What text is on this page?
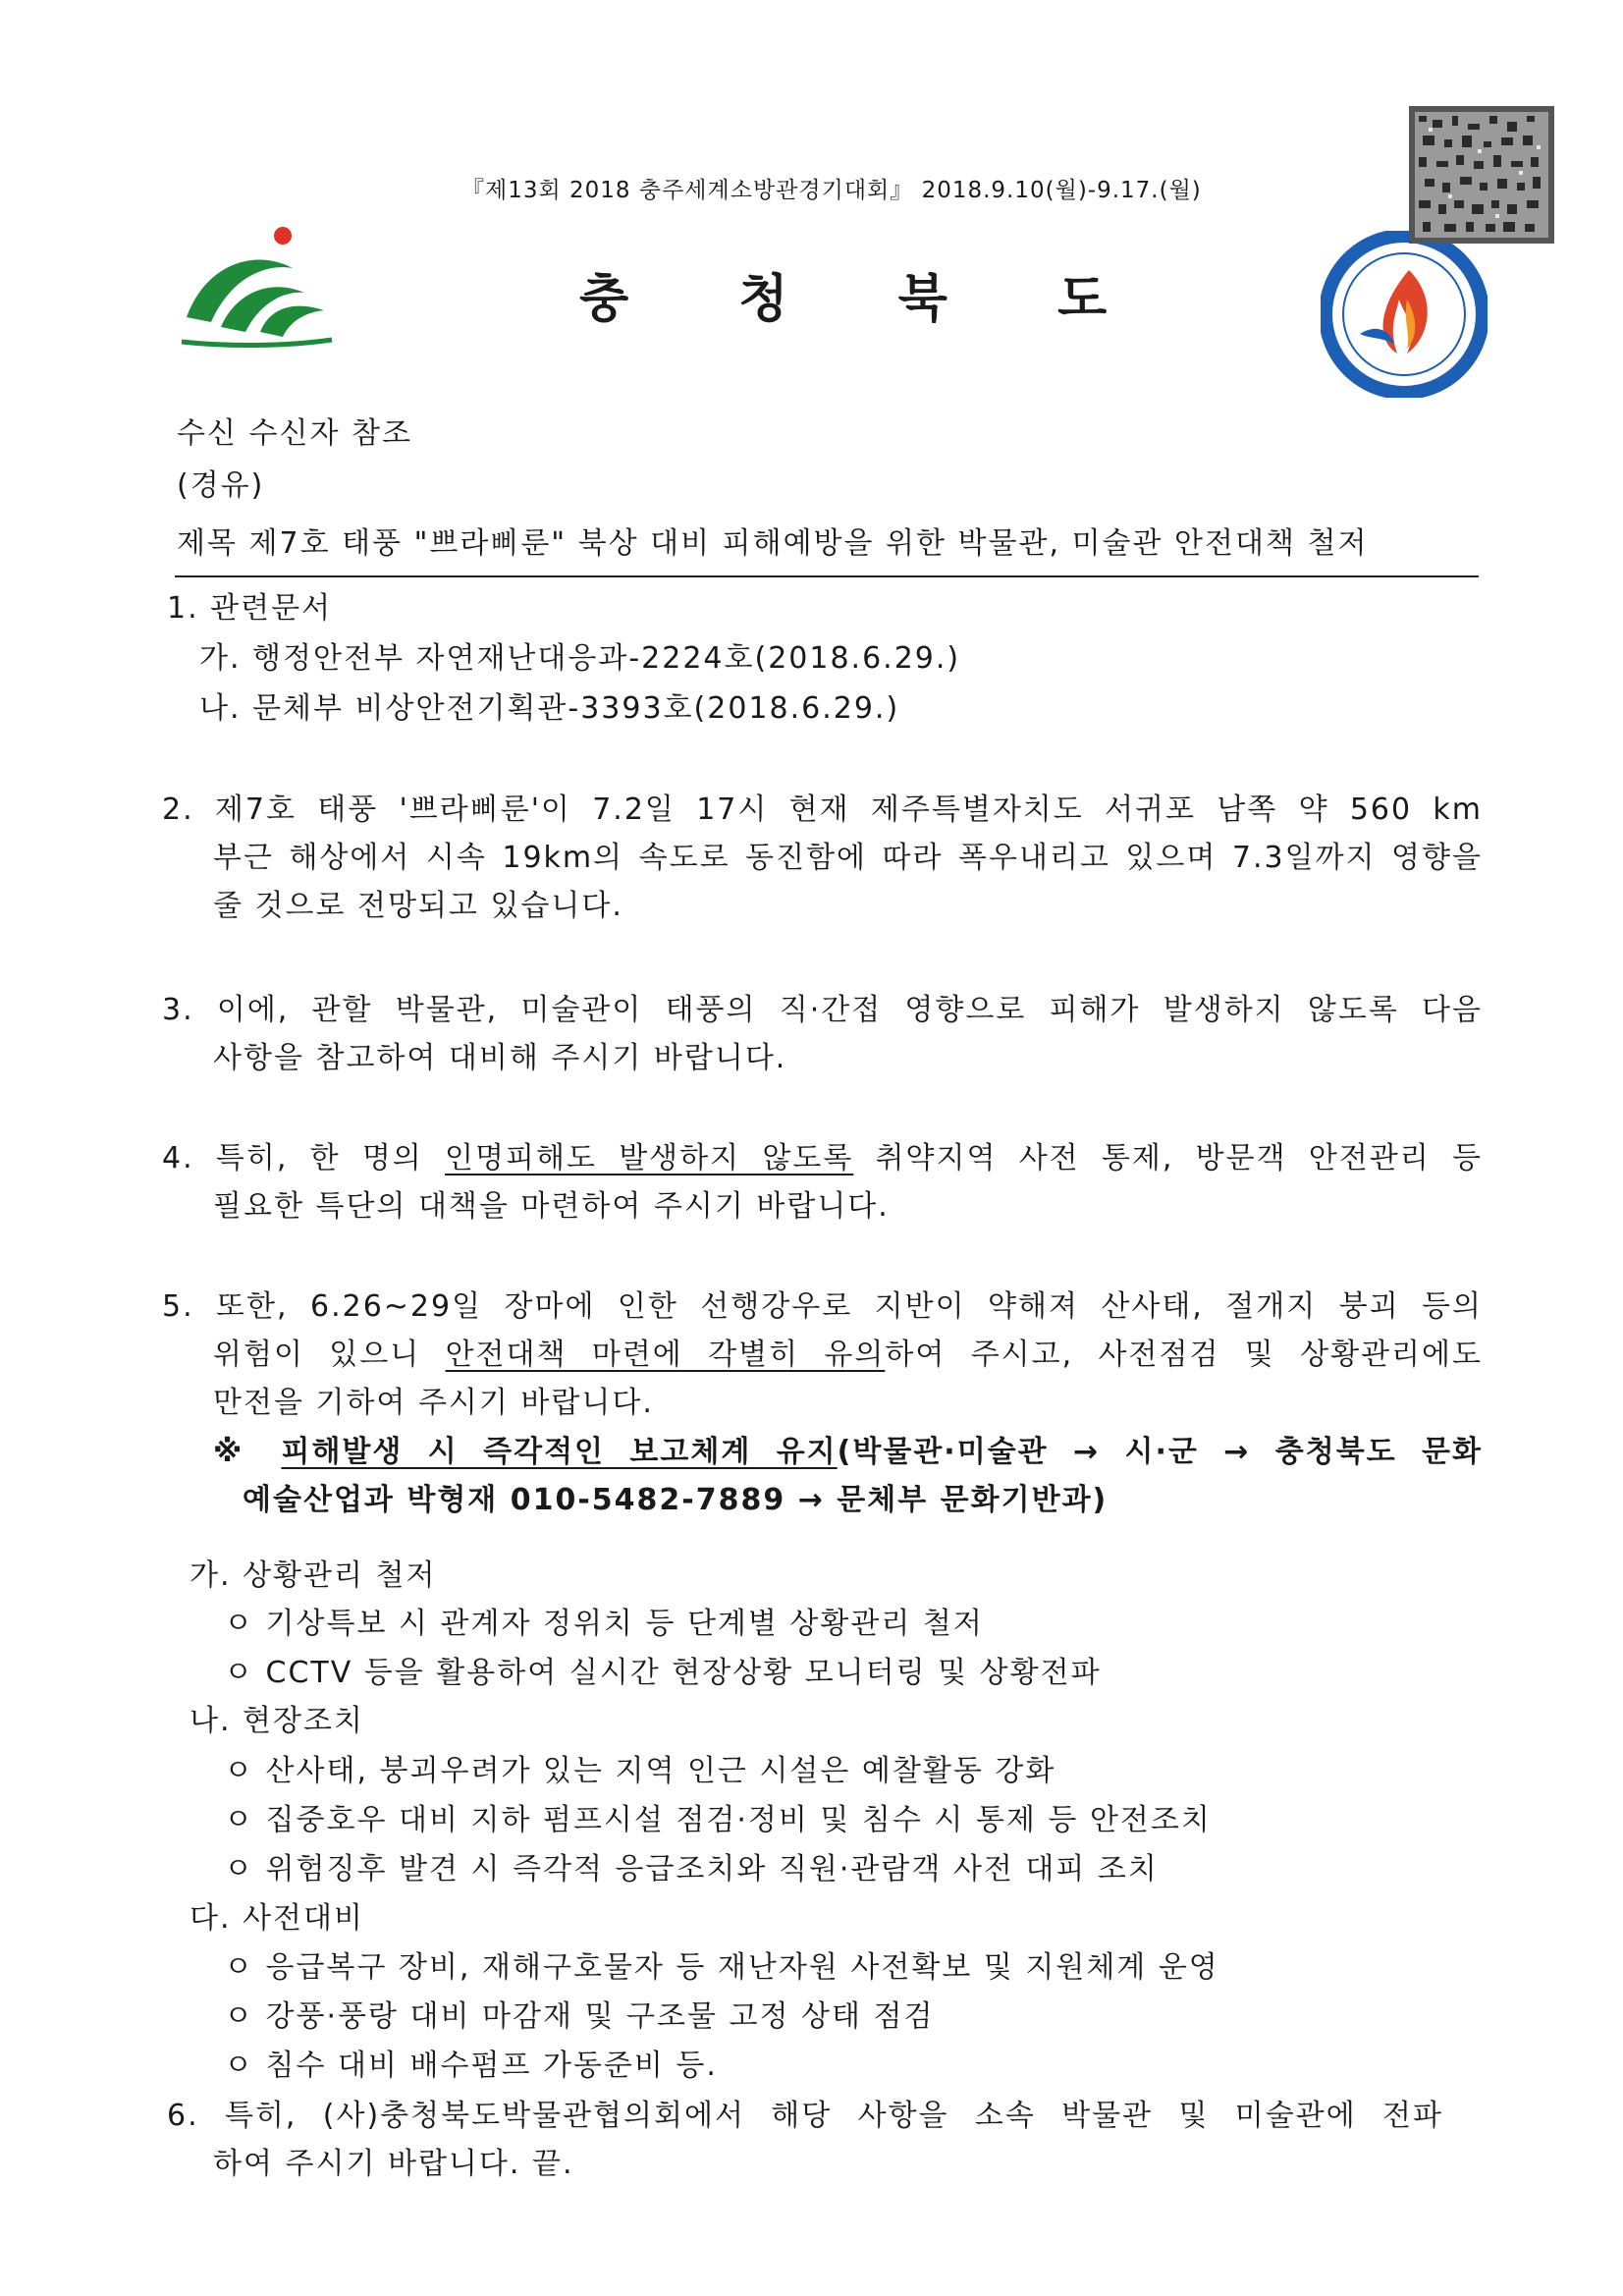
『제13회 2018 충주세계소방관경기대회』 2018.9.10(월)-9.17.(월)
충 청 북 도
수신 수신자 참조
(경유)
제목 제7호 태풍 "쁘라삐룬" 북상 대비 피해예방을 위한 박물관, 미술관 안전대책 철저
1. 관련문서
가. 행정안전부 자연재난대응과-2224호(2018.6.29.)
나. 문체부 비상안전기획관-3393호(2018.6.29.)
2. 제7호 태풍 '쁘라삐룬'이 7.2일 17시 현재 제주특별자치도 서귀포 남쪽 약 560 km
부근 해상에서 시속 19km의 속도로 동진함에 따라 폭우내리고 있으며 7.3일까지 영향을
줄 것으로 전망되고 있습니다.
3. 이에, 관할 박물관, 미술관이 태풍의 직·간접 영향으로 피해가 발생하지 않도록 다음
사항을 참고하여 대비해 주시기 바랍니다.
4. 특히, 한 명의 인명피해도 발생하지 않도록 취약지역 사전 통제, 방문객 안전관리 등
필요한 특단의 대책을 마련하여 주시기 바랍니다.
5. 또한, 6.26~29일 장마에 인한 선행강우로 지반이 약해져 산사태, 절개지 붕괴 등의
위험이 있으니 안전대책 마련에 각별히 유의하여 주시고, 사전점검 및 상황관리에도
만전을 기하여 주시기 바랍니다.
※ 피해발생 시 즉각적인 보고체계 유지(박물관·미술관 → 시·군 → 충청북도 문화
예술산업과 박형재 010-5482-7889 → 문체부 문화기반과)
가. 상황관리 철저
ㅇ 기상특보 시 관계자 정위치 등 단계별 상황관리 철저
ㅇ CCTV 등을 활용하여 실시간 현장상황 모니터링 및 상황전파
나. 현장조치
ㅇ 산사태, 붕괴우려가 있는 지역 인근 시설은 예찰활동 강화
ㅇ 집중호우 대비 지하 펌프시설 점검·정비 및 침수 시 통제 등 안전조치
ㅇ 위험징후 발견 시 즉각적 응급조치와 직원·관람객 사전 대피 조치
다. 사전대비
ㅇ 응급복구 장비, 재해구호물자 등 재난자원 사전확보 및 지원체계 운영
ㅇ 강풍·풍랑 대비 마감재 및 구조물 고정 상태 점검
ㅇ 침수 대비 배수펌프 가동준비 등.
6. 특히, (사)충청북도박물관협의회에서 해당 사항을 소속 박물관 및 미술관에 전파
하여 주시기 바랍니다. 끝.
